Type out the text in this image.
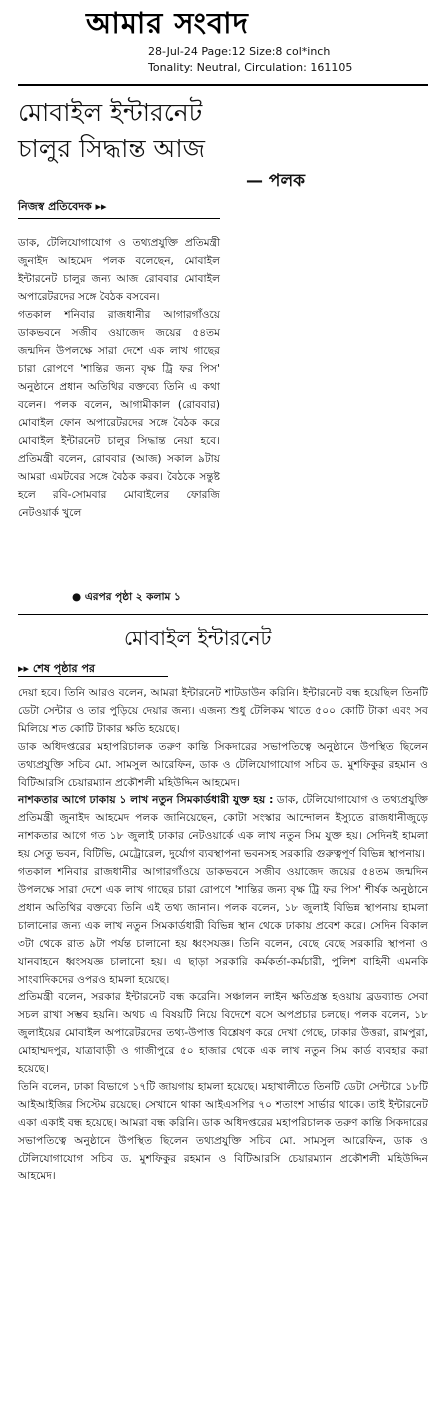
আমার সংবাদ
28-Jul-24 Page:12 Size:8 col*inch
Tonality: Neutral, Circulation: 161105
মোবাইল ইন্টারনেট
চালুর সিদ্ধান্ত আজ
— পলক
নিজস্ব প্রতিবেদক ▸▸

ডাক, টেলিযোগাযোগ ও তথ্যপ্রযুক্তি প্রতিমন্ত্রী জুনাইদ আহমেদ পলক বলেছেন, মোবাইল ইন্টারনেট চালুর জন্য আজ রোববার মোবাইল অপারেটরদের সঙ্গে বৈঠক বসবেন।

গতকাল শনিবার রাজধানীর আগারগাঁওয়ে ডাকভবনে সজীব ওয়াজেদ জয়ের ৫৪তম জন্মদিন উপলক্ষে সারা দেশে এক লাখ গাছের চারা রোপণে 'শান্তির জন্য বৃক্ষ ট্রি ফর পিস' অনুষ্ঠানে প্রধান অতিথির বক্তব্যে তিনি এ কথা বলেন। পলক বলেন, আগামীকাল (রোববার) মোবাইল ফোন অপারেটরদের সঙ্গে বৈঠক করে মোবাইল ইন্টারনেট চালুর সিদ্ধান্ত নেয়া হবে। প্রতিমন্ত্রী বলেন, রোববার (আজ) সকাল ৯টায় আমরা এমটবের সঙ্গে বৈঠক করব। বৈঠকে সন্তুষ্ট হলে রবি-সোমবার মোবাইলের ফোরজি নেটওয়ার্ক খুলে

● এরপর পৃষ্ঠা ২ কলাম ১
মোবাইল ইন্টারনেট
▸▸ শেষ পৃষ্ঠার পর

দেয়া হবে। তিনি আরও বলেন, আমরা ইন্টারনেট শাটডাউন করিনি। ইন্টারনেট বন্ধ হয়েছিল তিনটি ডেটা সেন্টার ও তার পুড়িয়ে দেয়ার জন্য। এজন্য শুধু টেলিকম খাতে ৫০০ কোটি টাকা এবং সব মিলিয়ে শত কোটি টাকার ক্ষতি হয়েছে।

ডাক অধিদপ্তরের মহাপরিচালক তরুণ কান্তি সিকদারের সভাপতিত্বে অনুষ্ঠানে উপস্থিত ছিলেন তথ্যপ্রযুক্তি সচিব মো. সামসুল আরেফিন, ডাক ও টেলিযোগাযোগ সচিব ড. মুশফিকুর রহমান ও বিটিআরসি চেয়ারম্যান প্রকৌশলী মহিউদ্দিন আহমেদ।

নাশকতার আগে ঢাকায় ১ লাখ নতুন সিমকার্ডধারী যুক্ত হয় : ডাক, টেলিযোগাযোগ ও তথ্যপ্রযুক্তি প্রতিমন্ত্রী জুনাইদ আহমেদ পলক জানিয়েছেন, কোটা সংস্কার আন্দোলন ইস্যুতে রাজধানীজুড়ে নাশকতার আগে গত ১৮ জুলাই ঢাকার নেটওয়ার্কে এক লাখ নতুন সিম যুক্ত হয়। সেদিনই হামলা হয় সেতু ভবন, বিটিভি, মেট্রোরেল, দুর্যোগ ব্যবস্থাপনা ভবনসহ সরকারি গুরুত্বপূর্ণ বিভিন্ন স্থাপনায়।

গতকাল শনিবার রাজধানীর আগারগাঁওয়ে ডাকভবনে সজীব ওয়াজেদ জয়ের ৫৪তম জন্মদিন উপলক্ষে সারা দেশে এক লাখ গাছের চারা রোপণে 'শান্তির জন্য বৃক্ষ ট্রি ফর পিস' শীর্ষক অনুষ্ঠানে প্রধান অতিথির বক্তব্যে তিনি এই তথ্য জানান। পলক বলেন, ১৮ জুলাই বিভিন্ন স্থাপনায় হামলা চালানোর জন্য এক লাখ নতুন সিমকার্ডধারী বিভিন্ন স্থান থেকে ঢাকায় প্রবেশ করে। সেদিন বিকাল ৩টা থেকে রাত ৯টা পর্যন্ত চালানো হয় ধ্বংসযজ্ঞ। তিনি বলেন, বেছে বেছে সরকারি স্থাপনা ও যানবাহনে ধ্বংসযজ্ঞ চালানো হয়। এ ছাড়া সরকারি কর্মকর্তা-কর্মচারী, পুলিশ বাহিনী এমনকি সাংবাদিকদের ওপরও হামলা হয়েছে।

প্রতিমন্ত্রী বলেন, সরকার ইন্টারনেট বন্ধ করেনি। সঞ্চালন লাইন ক্ষতিগ্রস্ত হওয়ায় ব্রডব্যান্ড সেবা সচল রাখা সম্ভব হয়নি। অথচ এ বিষয়টি নিয়ে বিদেশে বসে অপপ্রচার চলছে। পলক বলেন, ১৮ জুলাইয়ের মোবাইল অপারেটরদের তথ্য-উপাত্ত বিশ্লেষণ করে দেখা গেছে, ঢাকার উত্তরা, রামপুরা, মোহাম্মদপুর, যাত্রাবাড়ী ও গাজীপুরে ৫০ হাজার থেকে এক লাখ নতুন সিম কার্ড ব্যবহার করা হয়েছে।

তিনি বলেন, ঢাকা বিভাগে ১৭টি জায়গায় হামলা হয়েছে। মহাখালীতে তিনটি ডেটা সেন্টারে ১৮টি আইআইজির সিস্টেম রয়েছে। সেখানে থাকা আইএসপির ৭০ শতাংশ সার্ভার থাকে। তাই ইন্টারনেট একা একাই বন্ধ হয়েছে। আমরা বন্ধ করিনি। ডাক অধিদপ্তরের মহাপরিচালক তরুণ কান্তি সিকদারের সভাপতিত্বে অনুষ্ঠানে উপস্থিত ছিলেন তথ্যপ্রযুক্তি সচিব মো. সামসুল আরেফিন, ডাক ও টেলিযোগাযোগ সচিব ড. মুশফিকুর রহমান ও বিটিআরসি চেয়ারম্যান প্রকৌশলী মহিউদ্দিন আহমেদ।
